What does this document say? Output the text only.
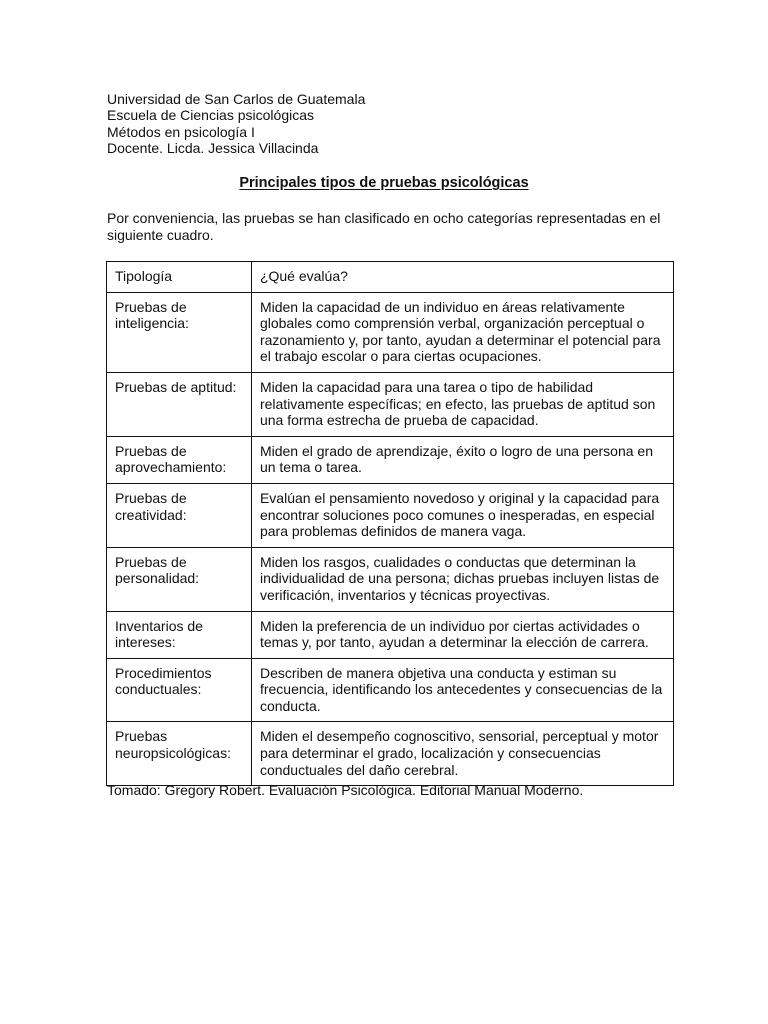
Universidad de San Carlos de Guatemala
Escuela de Ciencias psicológicas
Métodos en psicología I
Docente. Licda. Jessica Villacinda
Principales tipos de pruebas psicológicas
Por conveniencia, las pruebas se han clasificado en ocho categorías representadas en el siguiente cuadro.
Tipología	¿Qué evalúa?
Pruebas de inteligencia:	Miden la capacidad de un individuo en áreas relativamente globales como comprensión verbal, organización perceptual o razonamiento y, por tanto, ayudan a determinar el potencial para el trabajo escolar o para ciertas ocupaciones.
Pruebas de aptitud:	Miden la capacidad para una tarea o tipo de habilidad relativamente específicas; en efecto, las pruebas de aptitud son una forma estrecha de prueba de capacidad.
Pruebas de aprovechamiento:	Miden el grado de aprendizaje, éxito o logro de una persona en un tema o tarea.
Pruebas de creatividad:	Evalúan el pensamiento novedoso y original y la capacidad para encontrar soluciones poco comunes o inesperadas, en especial para problemas definidos de manera vaga.
Pruebas de personalidad:	Miden los rasgos, cualidades o conductas que determinan la individualidad de una persona; dichas pruebas incluyen listas de verificación, inventarios y técnicas proyectivas.
Inventarios de intereses:	Miden la preferencia de un individuo por ciertas actividades o temas y, por tanto, ayudan a determinar la elección de carrera.
Procedimientos conductuales:	Describen de manera objetiva una conducta y estiman su frecuencia, identificando los antecedentes y consecuencias de la conducta.
Pruebas neuropsicológicas:	Miden el desempeño cognoscitivo, sensorial, perceptual y motor para determinar el grado, localización y consecuencias conductuales del daño cerebral.
Tomado: Gregory Robert. Evaluación Psicológica. Editorial Manual Moderno.
